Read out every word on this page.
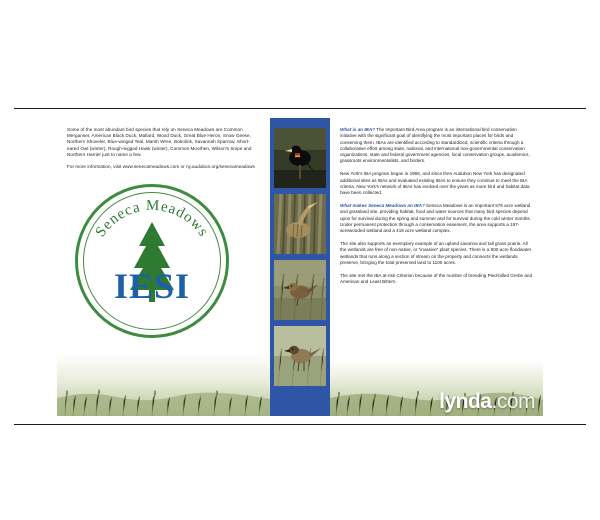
Some of the most abundant bird species that rely on Seneca Meadows are Common Merganser, American Black Duck, Mallard, Wood Duck, Great Blue Heron, Snow Geese, Northern Shoveler, Blue-winged Teal, Marsh Wren, Bobolink, Savannah Sparrow, Short-eared Owl (winter), Rough-legged Hawk (winter), Common Moorhen, Wilson's Snipe and Northern Harrier just to name a few.

For more information, visit www.senecameadows.com or ny.audubon.org/senecameadows

Seneca Meadows
IESI

What is an IBA? The Important Bird Area program is an international bird conservation initiative with the significant goal of identifying the most important places for birds and conserving them. IBAs are identified according to standardized, scientific criteria through a collaborative effort among state, national, and international non-governmental conservation organizations, state and federal government agencies, local conservation groups, academics, grassroots environmentalists, and birders.

New York's IBA program began in 1996, and since then Audubon New York has designated additional sites as IBAs and evaluated existing IBAs to ensure they continue to meet the IBA criteria. New York's network of IBAs has evolved over the years as more bird and habitat data have been collected.

What makes Seneca Meadows an IBA? Seneca Meadows is an important 576 acre wetland and grassland site, providing habitat, food and water sources that many bird species depend upon for survival during the spring and summer and for survival during the cold winter months. Under permanent protection through a conservation easement, the area supports a 157-acrewooded wetland and a 419 acre wetland complex.

The site also supports an exemplary example of an upland savanna and tall grass prairie. All the wetlands are free of non-native, or “invasive” plant species. There is a 500-acre floodwater wetlands that runs along a section of stream on the property and connects the wetlands preserve, bringing the total preserved land to 1100 acres.

The site met the IBA at-risk Criterion because of the number of breeding Pied-billed Grebe and American and Least Bittern.

lynda.com
